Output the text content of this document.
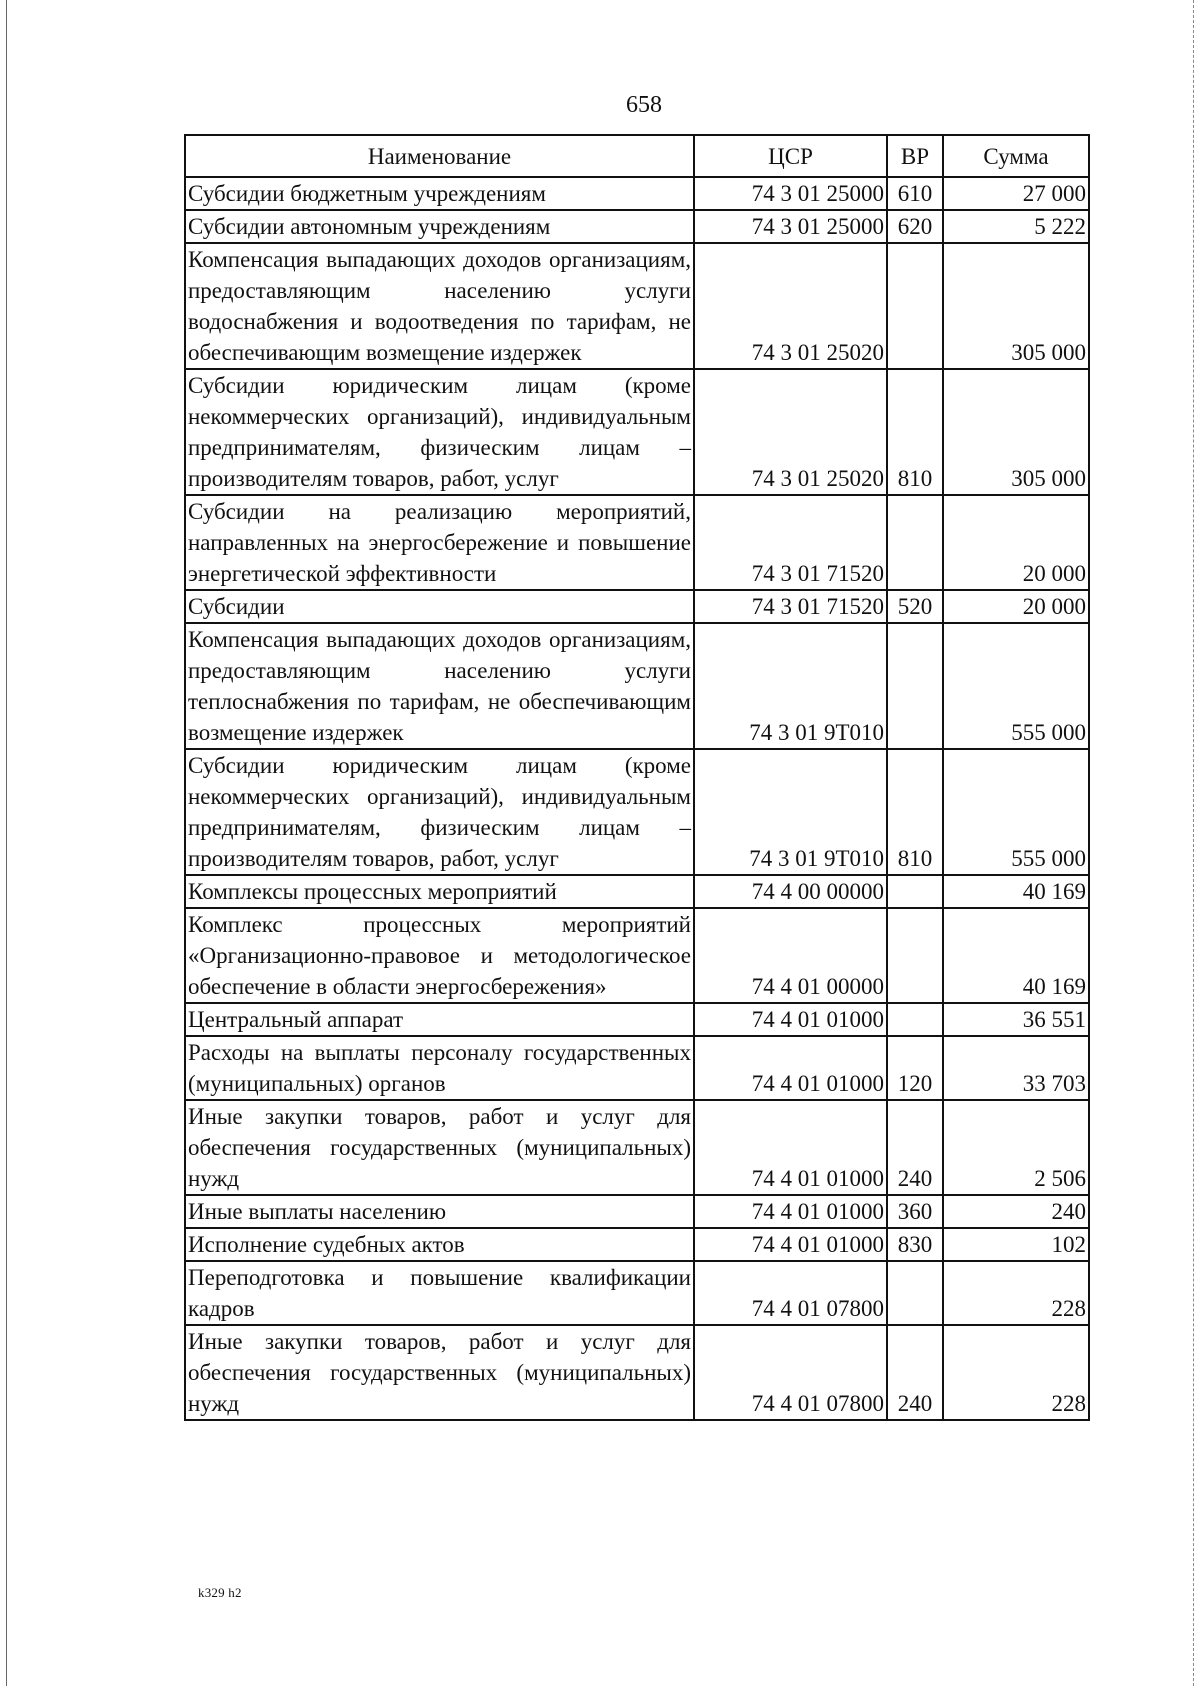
658
Наименование	ЦСР	ВР	Сумма
Субсидии бюджетным учреждениям	74 3 01 25000	610	27 000
Субсидии автономным учреждениям	74 3 01 25000	620	5 222
Компенсация выпадающих доходов организациям, предоставляющим населению услуги водоснабжения и водоотведения по тарифам, не обеспечивающим возмещение издержек	74 3 01 25020		305 000
Субсидии юридическим лицам (кроме некоммерческих организаций), индивидуальным предпринимателям, физическим лицам – производителям товаров, работ, услуг	74 3 01 25020	810	305 000
Субсидии на реализацию мероприятий, направленных на энергосбережение и повышение энергетической эффективности	74 3 01 71520		20 000
Субсидии	74 3 01 71520	520	20 000
Компенсация выпадающих доходов организациям, предоставляющим населению услуги теплоснабжения по тарифам, не обеспечивающим возмещение издержек	74 3 01 9Т010		555 000
Субсидии юридическим лицам (кроме некоммерческих организаций), индивидуальным предпринимателям, физическим лицам – производителям товаров, работ, услуг	74 3 01 9Т010	810	555 000
Комплексы процессных мероприятий	74 4 00 00000		40 169
Комплекс процессных мероприятий «Организационно-правовое и методологическое обеспечение в области энергосбережения»	74 4 01 00000		40 169
Центральный аппарат	74 4 01 01000		36 551
Расходы на выплаты персоналу государственных (муниципальных) органов	74 4 01 01000	120	33 703
Иные закупки товаров, работ и услуг для обеспечения государственных (муниципальных) нужд	74 4 01 01000	240	2 506
Иные выплаты населению	74 4 01 01000	360	240
Исполнение судебных актов	74 4 01 01000	830	102
Переподготовка и повышение квалификации кадров	74 4 01 07800		228
Иные закупки товаров, работ и услуг для обеспечения государственных (муниципальных) нужд	74 4 01 07800	240	228
k329 h2
